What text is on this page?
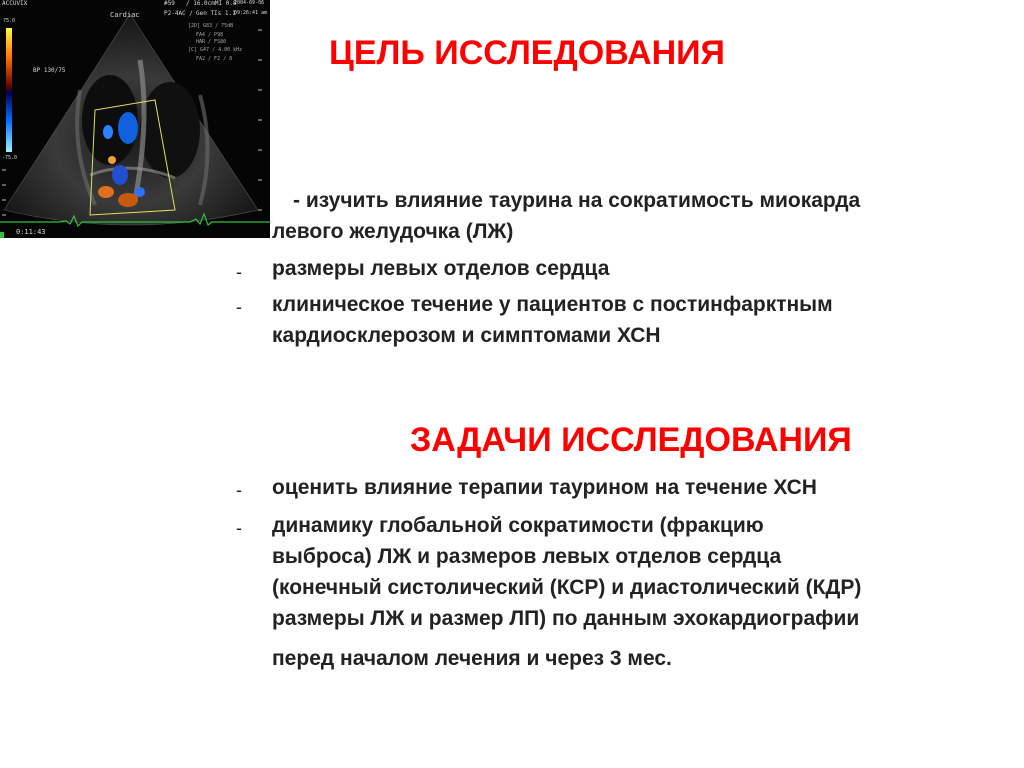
ACCUVIX
Cardiac
#59 / 16.0cmMI 0.8
P2-4AC / Gen TIs 1.1
2004-09-06
09:26:41 am
[2D] G83 / 75dB
FA4 / P98
HAR / FS80
[C] G47 / 4.00 kHz
FA2 / F2 / 8
BP 130/75
75.0
-75.0
0:11:43
ЦЕЛЬ ИССЛЕДОВАНИЯ
- изучить влияние таурина на сократимость миокарда
левого желудочка (ЛЖ)
- размеры левых отделов сердца
- клиническое течение у пациентов с постинфарктным
кардиосклерозом и симптомами ХСН
ЗАДАЧИ ИССЛЕДОВАНИЯ
- оценить влияние терапии таурином на течение ХСН
- динамику глобальной сократимости (фракцию
выброса) ЛЖ и размеров левых отделов сердца
(конечный систолический (КСР) и диастолический (КДР)
размеры ЛЖ и размер ЛП) по данным эхокардиографии
перед началом лечения и через 3 мес.
